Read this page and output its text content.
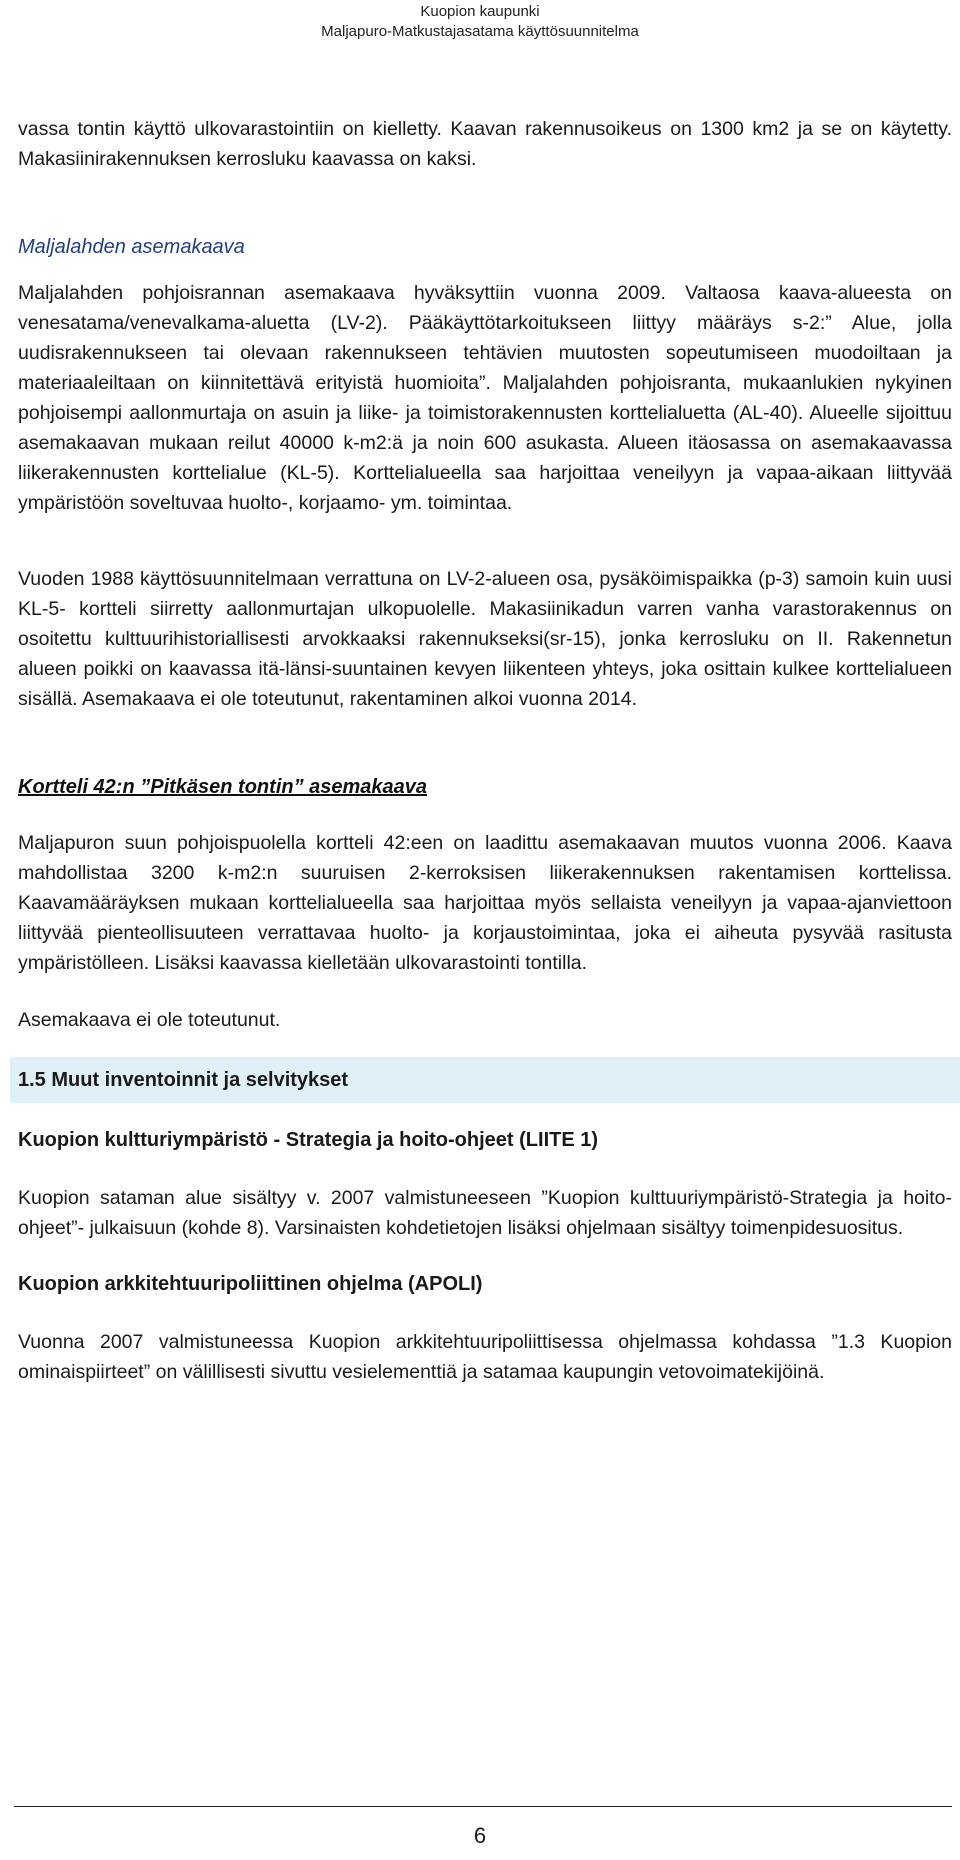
Kuopion kaupunki
Maljapuro-Matkustajasatama käyttösuunnitelma

vassa tontin käyttö ulkovarastointiin on kielletty. Kaavan rakennusoikeus on 1300 km2 ja se on käytetty. Makasiinirakennuksen kerrosluku kaavassa on kaksi.

Maljalahden asemakaava

Maljalahden pohjoisrannan asemakaava hyväksyttiin vuonna 2009. Valtaosa kaava-alueesta on venesatama/venevalkama-aluetta (LV-2). Pääkäyttötarkoitukseen liittyy määräys s-2:” Alue, jolla uudisrakennukseen tai olevaan rakennukseen tehtävien muutosten sopeutumiseen muodoiltaan ja materiaaleiltaan on kiinnitettävä erityistä huomioita”. Maljalahden pohjoisranta, mukaanlukien nykyinen pohjoisempi aallonmurtaja on asuin ja liike- ja toimistorakennusten korttelialuetta (AL-40). Alueelle sijoittuu asemakaavan mukaan reilut 40000 k-m2:ä ja noin 600 asukasta. Alueen itäosassa on asemakaavassa liikerakennusten korttelialue (KL-5). Korttelialueella saa harjoittaa veneilyyn ja vapaa-aikaan liittyvää ympäristöön soveltuvaa huolto-, korjaamo- ym. toimintaa.

Vuoden 1988 käyttösuunnitelmaan verrattuna on LV-2-alueen osa, pysäköimispaikka (p-3) samoin kuin uusi KL-5- kortteli siirretty aallonmurtajan ulkopuolelle. Makasiinikadun varren vanha varastorakennus on osoitettu kulttuurihistoriallisesti arvokkaaksi rakennukseksi(sr-15), jonka kerrosluku on II. Rakennetun alueen poikki on kaavassa itä-länsi-suuntainen kevyen liikenteen yhteys, joka osittain kulkee korttelialueen sisällä. Asemakaava ei ole toteutunut, rakentaminen alkoi vuonna 2014.

Kortteli 42:n ”Pitkäsen tontin” asemakaava

Maljapuron suun pohjoispuolella kortteli 42:een on laadittu asemakaavan muutos vuonna 2006. Kaava mahdollistaa 3200 k-m2:n suuruisen 2-kerroksisen liikerakennuksen rakentamisen korttelissa. Kaavamääräyksen mukaan korttelialueella saa harjoittaa myös sellaista veneilyyn ja vapaa-ajanviettoon liittyvää pienteollisuuteen verrattavaa huolto- ja korjaustoimintaa, joka ei aiheuta pysyvää rasitusta ympäristölleen. Lisäksi kaavassa kielletään ulkovarastointi tontilla.

Asemakaava ei ole toteutunut.

1.5 Muut inventoinnit ja selvitykset
Kuopion kultturiympäristö - Strategia ja hoito-ohjeet (LIITE 1)

Kuopion sataman alue sisältyy v. 2007 valmistuneeseen ”Kuopion kulttuuriympäristö-Strategia ja hoito-ohjeet”- julkaisuun (kohde 8). Varsinaisten kohdetietojen lisäksi ohjelmaan sisältyy toimenpidesuositus.

Kuopion arkkitehtuuripoliittinen ohjelma (APOLI)

Vuonna 2007 valmistuneessa Kuopion arkkitehtuuripoliittisessa ohjelmassa kohdassa ”1.3 Kuopion ominaispiirteet” on välillisesti sivuttu vesielementtiä ja satamaa kaupungin vetovoimatekijöinä.

6
